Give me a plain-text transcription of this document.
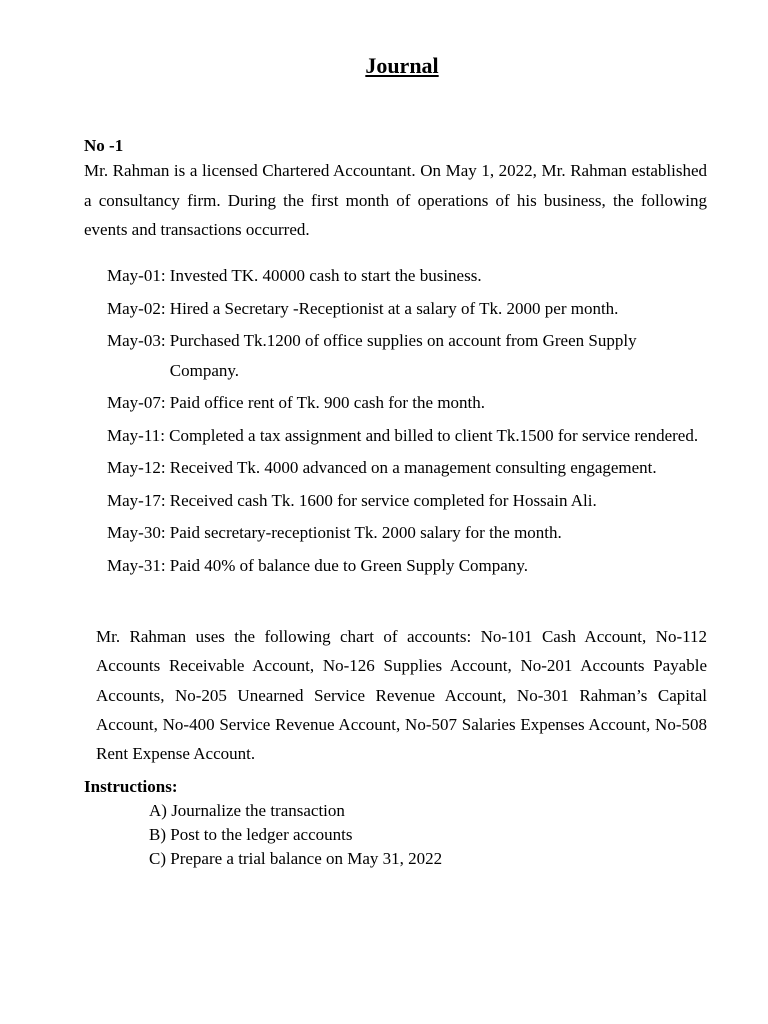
Journal

No -1

Mr. Rahman is a licensed Chartered Accountant. On May 1, 2022, Mr. Rahman established a consultancy firm. During the first month of operations of his business, the following events and transactions occurred.

May-01:
Invested TK. 40000 cash to start the business.
May-02:
Hired a Secretary -Receptionist at a salary of Tk. 2000 per month.
May-03:
Purchased Tk.1200 of office supplies on account from Green Supply Company.
May-07:
Paid office rent of Tk. 900 cash for the month.
May-11:
Completed a tax assignment and billed to client Tk.1500 for service rendered.
May-12:
Received Tk. 4000 advanced on a management consulting engagement.
May-17:
Received cash Tk. 1600 for service completed for Hossain Ali.
May-30:
Paid secretary-receptionist Tk. 2000 salary for the month.
May-31:
Paid 40% of balance due to Green Supply Company.

Mr. Rahman uses the following chart of accounts: No-101 Cash Account, No-112 Accounts Receivable Account, No-126 Supplies Account, No-201 Accounts Payable Accounts, No-205 Unearned Service Revenue Account, No-301 Rahman’s Capital Account, No-400 Service Revenue Account, No-507 Salaries Expenses Account, No-508 Rent Expense Account.

Instructions:

A) Journalize the transaction
B) Post to the ledger accounts
C) Prepare a trial balance on May 31, 2022
